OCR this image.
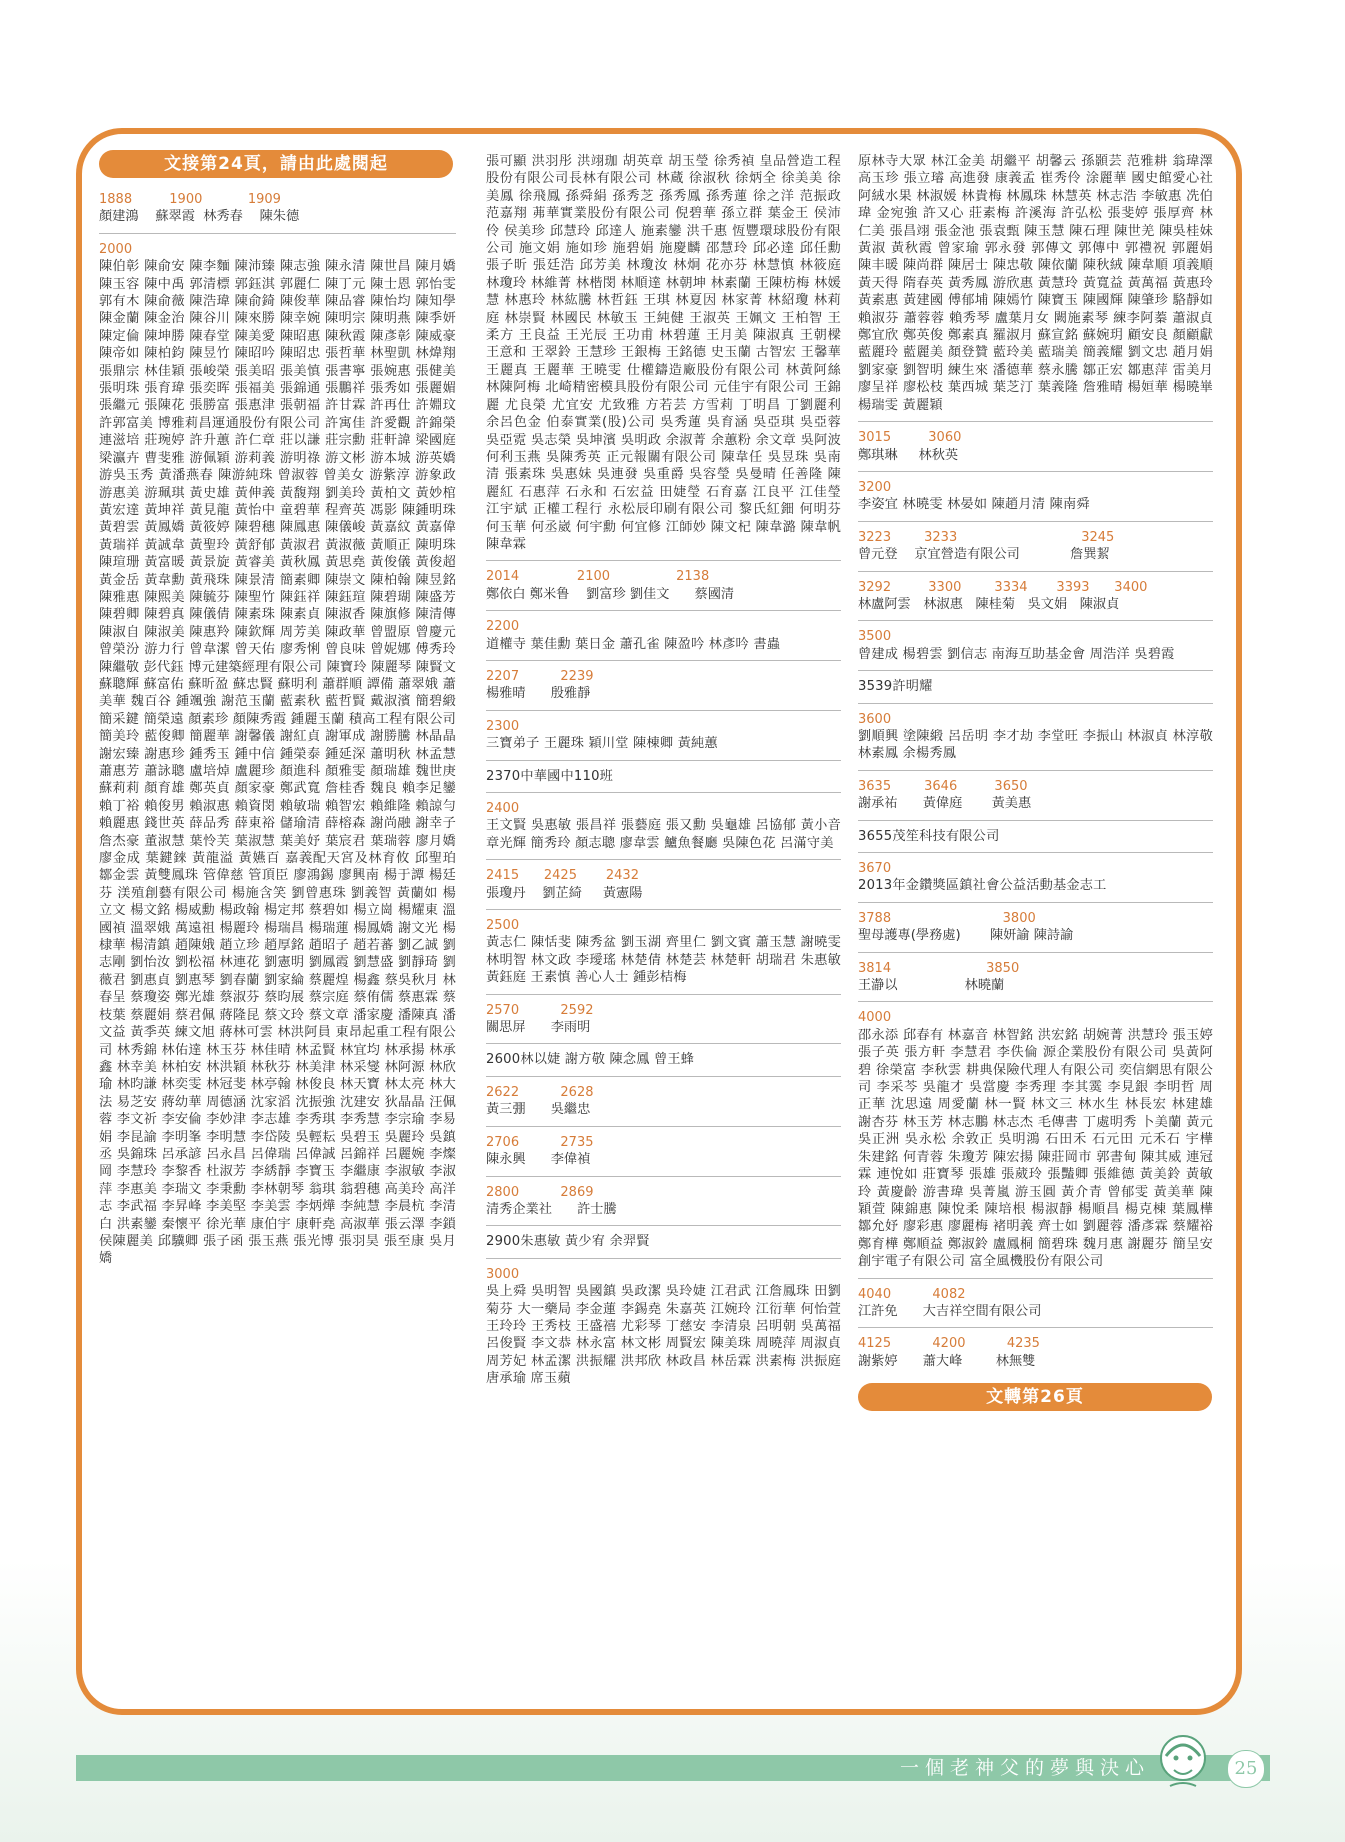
文接第24頁，請由此處閱起
1888         1900           1909
顏建鴻    蘇翠霞  林秀春    陳朱德
2000
陳伯彰 陳俞安 陳李麵 陳沛臻 陳志強 陳永清 陳世昌 陳月嬌 陳玉容 陳中禹 郭清標 郭鈺淇 郭麗仁 陳丁元 陳士恩 郭怡雯 郭有木 陳俞薇 陳浩瑋 陳俞錡 陳俊華 陳品睿 陳怡均 陳知學 陳金蘭 陳金治 陳谷川 陳來勝 陳幸婉 陳明宗 陳明燕 陳季妍 陳定倫 陳坤勝 陳春堂 陳美愛 陳昭惠 陳秋霞 陳彥彰 陳威豪 陳帝如 陳柏鈞 陳昱竹 陳昭吟 陳昭忠 張哲華 林聖凱 林煒翔 張鼎宗 林佳穎 張峻榮 張美昭 張美慎 張書寧 張婉惠 張健美 張明珠 張育瑋 張奕晖 張福美 張錦通 張鵬祥 張秀如 張麗媚 張繼元 張陳花 張勝富 張惠津 張朝福 許甘霖 許再仕 許婣玟 許郭富美 博雅莉昌運通股份有限公司 許寓佳 許愛觀 許錦榮 連滋培 莊琬婷 許升蕙 許仁章 莊以謙 莊宗勳 莊軒諱 梁國庭 梁瀛卉 曹斐雅 游佩穎 游莉義 游明祿 游文彬 游本城 游英嬌 游吳玉秀 黃潘燕春 陳游純珠 曾淑蓉 曾美女 游紫淳 游象政 游惠美 游珮琪 黃史雄 黃伸義 黃馥翔 劉美玲 黃柏文 黃妙棺 黃宏達 黃坤祥 黃見龍 黃怡中 童碧華 程齊英 馮影 陳鍾明珠 黃碧雲 黃鳳嬌 黃筱婷 陳碧穗 陳鳳惠 陳儀峻 黃嘉紋 黃嘉偉 黃瑞祥 黃誠韋 黃聖玲 黃舒郁 黃淑君 黃淑薇 黃順正 陳明珠 陳瑄珊 黃富暖 黃景旋 黃睿美 黃秋鳳 黃思堯 黃俊儀 黃俊超 黃金岳 黃韋勳 黃飛珠 陳景清 簡素卿 陳崇文 陳柏翰 陳昱銘 陳雅惠 陳熙美 陳毓芬 陳聖竹 陳鈺祥 陳鈺瑄 陳碧瑚 陳盛芳 陳碧卿 陳碧真 陳儀倩 陳素珠 陳素貞 陳淑香 陳旗修 陳清傳 陳淑自 陳淑美 陳惠羚 陳欽輝 周芳美 陳政華 曾盟原 曾慶元 曾榮汾 游力行 曾韋潔 曾天佑 廖秀悧 曾良味 曾妮娜 傅秀玲 陳繼敬 彭代鈺 博元建築經理有限公司 陳寶玲 陳麗琴 陳賢文 蘇聰輝 蘇富佑 蘇昕盈 蘇忠賢 蘇明利 蕭群順 譚備 蕭翠娥 蕭美華 魏百谷 鍾颯強 謝范玉蘭 藍素秋 藍哲賢 戴淑濱 簡碧緞 簡采鍵 簡榮遠 顏素珍 顏陳秀霞 鍾麗玉蘭 積高工程有限公司 簡美玲 藍俊卿 簡麗華 謝馨儀 謝紅貞 謝軍成 謝勝騰 林晶晶 謝宏臻 謝惠珍 鍾秀玉 鍾中信 鍾榮泰 鍾延深 蕭明秋 林孟慧 蕭惠芳 蕭詠聰 盧培焯 盧麗珍 顏進科 顏雅雯 顏瑞雄 魏世庚 蘇莉莉 顏育雄 鄭英貞 顏家豪 鄭武寬 詹桂香 魏良 賴李足鑾 賴丁裕 賴俊男 賴淑惠 賴資閔 賴敏瑞 賴智宏 賴維隆 賴諒勻 賴麗惠 錢世英 薛品秀 薛東裕 儲瑜清 薛榕森 謝尚融 謝幸子 詹杰豪 董淑慧 葉怜芙 葉淑慧 葉美妤 葉宸君 葉瑞蓉 廖月嬌 廖金成 葉鍵錸 黃龍溢 黃嬿百 嘉義配天宮及林育攸 邱聖珀 鄒金雲 黃雙鳳珠 管偉慈 管頂臣 廖鴻錫 廖興南 楊于譚 楊廷芬 渼殖創藝有限公司 楊施含笑 劉曾惠珠 劉義智 黃蘭如 楊立文 楊文銘 楊威勳 楊政翰 楊定邦 蔡碧如 楊立崗 楊耀東 溫國禎 溫翠娥 萬遠祖 楊麗玲 楊瑞昌 楊瑞蓮 楊鳳嬌 謝文光 楊棣華 楊清鎮 趙陳娥 趙立珍 趙厚銘 趙昭子 趙若蕃 劉乙誠 劉志剛 劉怡汝 劉松福 林連花 劉憲明 劉鳳霞 劉慧盛 劉靜琦 劉薇君 劉惠貞 劉惠琴 劉春蘭 劉家綸 蔡麗煌 楊鑫 蔡吳秋月 林春呈 蔡瓊姿 鄭光雄 蔡淑芬 蔡昀展 蔡宗庭 蔡侑儒 蔡惠霖 蔡枝葉 蔡麗娟 蔡君佩 蔣隆昆 蔡文玲 蔡文章 潘家慶 潘陳真 潘文益 黃季英 練文旭 蔣林可雲 林洪阿員 東昂起重工程有限公司 林秀錦 林佑達 林玉芬 林佳晴 林孟賢 林宜均 林承揚 林承鑫 林幸美 林柏安 林洪穎 林秋芬 林美津 林采燮 林阿源 林欣瑜 林昀謙 林奕雯 林冠斐 林亭翰 林俊良 林天寶 林太亮 林大法 易芝安 蔣幼華 周德涵 沈家滔 沈振強 沈建安 狄晶晶 汪佩蓉 李文祈 李安倫 李妙津 李志雄 李秀琪 李秀慧 李宗瑜 李易娟 李昆諭 李明峯 李明慧 李岱陵 吳輕耘 吳碧玉 吳麗玲 吳鎮丞 吳錦珠 呂承諺 呂永昌 呂偉瑞 呂偉誠 呂錦祥 呂麗婉 李燦岡 李慧玲 李黎香 杜淑芳 李綉靜 李寶玉 李繼康 李淑敏 李淑萍 李惠美 李瑞文 李秉勳 李林朝琴 翁琪 翁碧穗 高美玲 高洋志 李武福 李昇峰 李美堅 李美雲 李炳燁 李純慧 李晨杭 李清白 洪素鑾 秦懷平 徐光華 康伯宇 康軒堯 高淑華 張云澤 李鎖 侯陳麗美 邱驥卿 張子函 張玉燕 張光博 張羽昊 張至康 吳月嬌
張可顯 洪羽彤 洪翊珈 胡英章 胡玉瑩 徐秀禎 皇品營造工程股份有限公司長林有限公司 林蔵 徐淑秋 徐炳全 徐美美 徐美鳳 徐飛鳳 孫舜絹 孫秀芝 孫秀鳳 孫秀蓮 徐之洋 范振政 范嘉翔 茀華實業股份有限公司 倪碧華 孫立群 葉金王 侯沛伶 侯美珍 邱慧玲 邱達人 施素鑾 洪千惠 恆豐環球股份有限公司 施文娟 施如珍 施碧娟 施慶麟 邵慧玲 邱必達 邱任勳 張子昕 張廷浩 邱芳美 林瓊汝 林炯 花亦芬 林慧慎 林筱庭 林瓊玲 林維菁 林楷閔 林順達 林朝坤 林素蘭 王陳枋梅 林媛慧 林惠玲 林紘騰 林哲鈺 王琪 林夏因 林家菁 林紹瓊 林莉庭 林崇賢 林國民 林敏玉 王純健 王淑英 王姵文 王柏智 王柔方 王良益 王光辰 王功甫 林碧蓮 王月美 陳淑真 王朝樑 王意和 王翠鈴 王慧珍 王銀梅 王銘德 史玉蘭 古智宏 王馨華 王麗真 王麗華 王曉雯 仕權鑄造廠股份有限公司 林黃阿絲 林陳阿梅 北崎精密模具股份有限公司 元佳宇有限公司 王錦麗 尤良榮 尤宜安 尤致雅 方若芸 方雪莉 丁明昌 丁劉麗利 余呂色金 伯泰實業(股)公司 吳秀蓮 吳育涵 吳亞琪 吳亞蓉 吳亞霓 吳志榮 吳坤濱 吳明政 余淑菁 余蕙粉 余文章 吳阿波 何利玉燕 吳陳秀英 正元報關有限公司 陳韋任 吳昱珠 吳南清 張素珠 吳惠妹 吳連發 吳重爵 吳容瑩 吳曼晴 任善隆 陳麗紅 石惠萍 石永和 石宏益 田婕瑩 石育嘉 江良平 江佳瑩 江宇斌 正權工程行 永松辰印刷有限公司 黎氏紅鈿 何明芬 何玉華 何丞崴 何宇勳 何宜修 江師妙 陳文杞 陳韋潞 陳韋帆 陳韋霖
2014              2100                2138
鄭依白 鄭米鲁    劉富珍 劉佳文      蔡國清
2200
道權寺 葉佳勳 葉日金 蕭孔雀 陳盈吟 林彥吟 書蟲
2207          2239
楊雅晴      殷雅靜
2300
三寶弟子 王麗珠 穎川堂 陳棟卿 黃純蕙
2370中華國中110班
2400
王文賢 吳惠敏 張昌祥 張藝庭 張又勳 吳龜雄 呂協郁 黃小音 章光輝 簡秀玲 顏志聰 廖韋雲 鱸魚餐廳 吳陳色花 呂滿守美
2415      2425       2432
張瓊丹    劉芷綺     黃憲陽
2500
黃志仁 陳恬斐 陳秀盆 劉玉湖 齊里仁 劉文賓 蕭玉慧 謝曉雯 林明智 林文政 李璦瑤 林楚倩 林楚芸 林楚軒 胡瑞君 朱惠敏 黃鈺庭 王素慎 善心人士 鍾彭桔梅
2570          2592
關思屏      李雨明
2600林以婕 謝方敬 陳念鳳 曾王蜂
2622          2628
黃三弸      吳繼忠
2706          2735
陳永興      李偉禎
2800          2869
清秀企業社      許士騰
2900朱惠敏 黃少宥 余羿賢
3000
吳上舜 吳明智 吳國鎮 吳政潔 吳玲婕 江君武 江詹鳳珠 田劉菊芬 大一藥局 李金蓮 李錫堯 朱嘉英 江婉玲 江衍華 何怡萱 王玲玲 王秀枝 王盛禧 尤彩琴 丁慈安 李清泉 呂明朝 吳萬福 呂俊賢 李文恭 林永富 林文彬 周賢宏 陳美珠 周曉萍 周淑貞 周芳妃 林孟潔 洪振耀 洪邦欣 林政昌 林岳霖 洪素梅 洪振庭 唐承瑜 席玉蘋
原林寺大眾 林江金美 胡繼平 胡馨云 孫顥芸 范雅耕 翁瑋澤 高玉珍 張立璿 高進發 康義孟 崔秀伶 涂麗華 國史館愛心社 阿絨水果 林淑媛 林貴梅 林鳳珠 林慧英 林志浩 李敏惠 冼伯瑋 金宛強 許又心 莊素梅 許溪海 許弘松 張斐婷 張厚齊 林仁美 張昌翊 張金池 張袁甄 陳玉慧 陳石理 陳世羌 陳吳桂妹 黃淑 黃秋霞 曾家瑜 郭永發 郭傳文 郭傳中 郭禮祝 郭麗娟 陳丰暖 陳尚群 陳居士 陳忠敬 陳依蘭 陳秋絨 陳韋順 項義順 黃天得 隋春英 黃秀鳳 游欣惠 黃慧玲 黃寬益 黃萬福 黃惠玲 黃素惠 黃建國 傅郁埔 陳嫣竹 陳寶玉 陳國輝 陳肇珍 駱靜如 賴淑芬 蕭蓉蓉 賴秀琴 盧葉月女 闕施素琴 練李阿蓁 蕭淑貞 鄭宜欣 鄭英俊 鄭素真 羅淑月 蘇宣銘 蘇婉玥 顧安良 顏顧獻 藍麗玲 藍麗美 顏登贊 藍玲美 藍瑞美 簡義耀 劉文忠 趙月娟 劉家豪 劉智明 練生來 潘德華 蔡永騰 鄒正宏 鄒惠萍 雷美月 廖呈祥 廖松枝 葉西城 葉芝汀 葉義隆 詹雅晴 楊姮華 楊曉崋 楊瑞雯 黃麗穎
3015         3060
鄭琪琳     林秋英
3200
李姿宜 林曉雯 林晏如 陳趙月清 陳南舜
3223        3233                              3245
曾元登    京宜營造有限公司            詹巽絜
3292         3300        3334       3393      3400
林盧阿雲   林淑惠   陳桂菊   吳文娟   陳淑貞
3500
曾建成 楊碧雲 劉信志 南海互助基金會 周浩洋 吳碧霞
3539許明耀
3600
劉順興 塗陳緞 呂岳明 李才劫 李堂旺 李振山 林淑貞 林淳敬 林素鳳 余楊秀鳳
3635        3646         3650
謝承祐      黃偉庭       黃美惠
3655茂笙科技有限公司
3670
2013年金鑽獎區鎮社會公益活動基金志工
3788                           3800
聖母護專(學務處)       陳妍諭 陳詩諭
3814                       3850
王瀞以                林曉蘭
4000
邵永添 邱春有 林嘉音 林智銘 洪宏銘 胡婉菁 洪慧玲 張玉婷 張子英 張方軒 李慧君 李佚倫 源企業股份有限公司 吳黃阿碧 徐榮富 李秋雲 耕典保險代理人有限公司 奕信網思有限公司 李采芩 吳龍才 吳當慶 李秀理 李其霙 李見銀 李明哲 周正華 沈思遠 周愛蘭 林一賢 林文三 林水生 林長宏 林建雄 謝杏芬 林玉芳 林志鵬 林志杰 毛傳書 丁處明秀 卜美蘭 黃元 吳正洲 吳永松 余敦正 吳明鴻 石田禾 石元田 元禾石 宇樺 朱建銘 何青蓉 朱瓊芳 陳宏揚 陳莊岡市 郭書甸 陳其威 連冠霖 連悅如 莊寶琴 張雄 張葳玲 張豔卿 張維德 黃美鈴 黃敏玲 黃慶齡 游書瑋 吳菁嵐 游玉圓 黃介青 曾郁雯 黃美華 陳穎萱 陳錦惠 陳悅柔 陳培根 楊淑靜 楊順昌 楊克棟 葉鳳樺 鄒允妤 廖彩惠 廖麗梅 褚明義 齊士如 劉麗蓉 潘彥霖 蔡耀裕 鄭育樺 鄭順益 鄭淑鈴 盧鳳桐 簡碧珠 魏月惠 謝麗芬 簡呈安 創宇電子有限公司 富全風機股份有限公司
4040          4082
江許免      大吉祥空間有限公司
4125          4200          4235
謝紫婷      蕭大峰        林無雙
文轉第26頁
一個老神父的夢與決心	25
